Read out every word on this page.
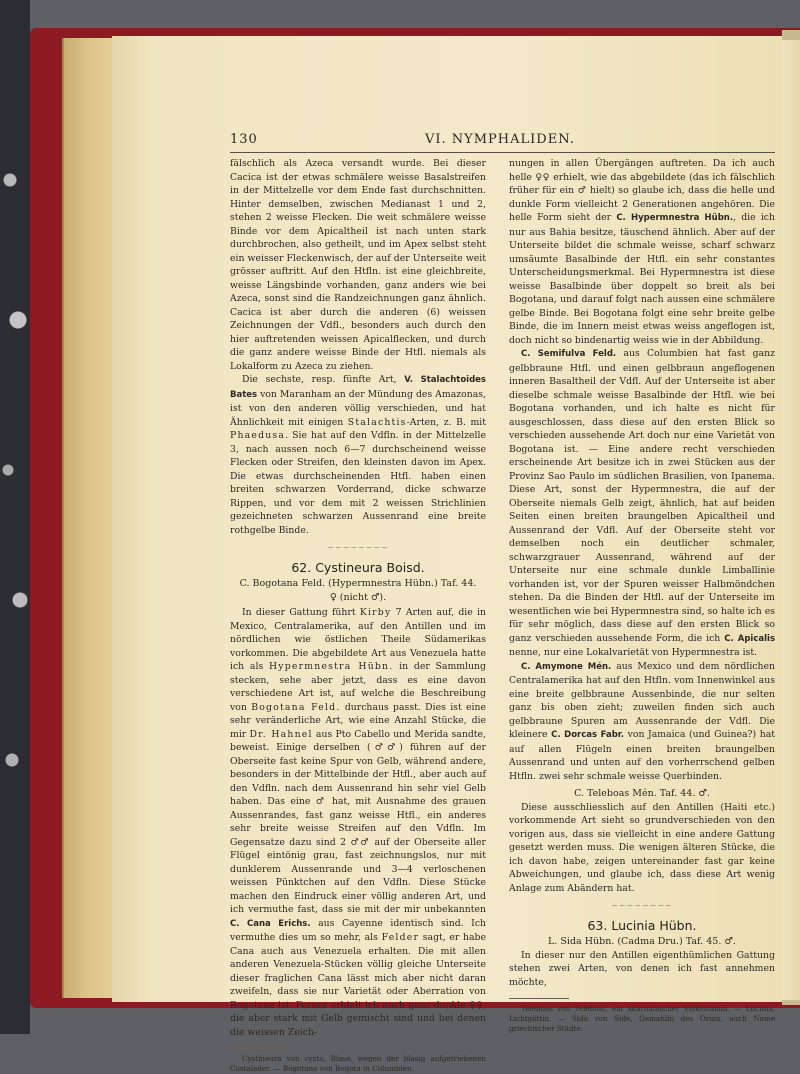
130	VI. NYMPHALIDEN.

fälschlich als Azeca versandt wurde. Bei dieser Cacica ist der etwas schmälere weisse Basalstreifen in der Mittelzelle vor dem Ende fast durchschnitten. Hinter demselben, zwischen Medianast 1 und 2, stehen 2 weisse Flecken. Die weit schmälere weisse Binde vor dem Apicaltheil ist nach unten stark durchbrochen, also getheilt, und im Apex selbst steht ein weisser Fleckenwisch, der auf der Unterseite weit grösser auftritt. Auf den Htfln. ist eine gleichbreite, weisse Längsbinde vorhanden, ganz anders wie bei Azeca, sonst sind die Randzeichnungen ganz ähnlich. Cacica ist aber durch die anderen (6) weissen Zeichnungen der Vdfl., besonders auch durch den hier auftretenden weissen Apicalflecken, und durch die ganz andere weisse Binde der Htfl. niemals als Lokalform zu Azeca zu ziehen.

Die sechste, resp. fünfte Art, V. Stalachtoides Bates von Maranham an der Mündung des Amazonas, ist von den anderen völlig verschieden, und hat Ähnlichkeit mit einigen Stalachtis-Arten, z. B. mit Phaedusa. Sie hat auf den Vdfln. in der Mittelzelle 3, nach aussen noch 6—7 durchscheinend weisse Flecken oder Streifen, den kleinsten davon im Apex. Die etwas durchscheinenden Htfl. haben einen breiten schwarzen Vorderrand, dicke schwarze Rippen, und vor dem mit 2 weissen Strichlinien gezeichneten schwarzen Aussenrand eine breite rothgelbe Binde.

~~~~~~~~
62. Cystineura Boisd.
C. Bogotana Feld. (Hypermnestra Hübn.) Taf. 44.
♀ (nicht ♂).

In dieser Gattung führt Kirby 7 Arten auf, die in Mexico, Centralamerika, auf den Antillen und im nördlichen wie östlichen Theile Südamerikas vorkommen. Die abgebildete Art aus Venezuela hatte ich als Hypermnestra Hübn. in der Sammlung stecken, sehe aber jetzt, dass es eine davon verschiedene Art ist, auf welche die Beschreibung von Bogotana Feld. durchaus passt. Dies ist eine sehr veränderliche Art, wie eine Anzahl Stücke, die mir Dr. Hahnel aus Pto Cabello und Merida sandte, beweist. Einige derselben (♂♂) führen auf der Oberseite fast keine Spur von Gelb, während andere, besonders in der Mittelbinde der Htfl., aber auch auf den Vdfln. nach dem Aussenrand hin sehr viel Gelb haben. Das eine ♂ hat, mit Ausnahme des grauen Aussenrandes, fast ganz weisse Htfl., ein anderes sehr breite weisse Streifen auf den Vdfln. Im Gegensatze dazu sind 2 ♂♂ auf der Oberseite aller Flügel eintönig grau, fast zeichnungslos, nur mit dunklerem Aussenrande und 3—4 verloschenen weissen Pünktchen auf den Vdfln. Diese Stücke machen den Eindruck einer völlig anderen Art, und ich vermuthe fast, dass sie mit der mir unbekannten C. Cana Erichs. aus Cayenne identisch sind. Ich vermuthe dies um so mehr, als Felder sagt, er habe Cana auch aus Venezuela erhalten. Die mit allen anderen Venezuela-Stücken völlig gleiche Unterseite dieser fraglichen Cana lässt mich aber nicht daran zweifeln, dass sie nur Varietät oder Aberration von Bogotana ist. Ferner erhielt ich auch ganz dunkle ♀♀, die aber stark mit Gelb gemischt sind und bei denen die weissen Zeich-

Cystineura von cysta, Blase, wegen der blasig aufgetriebenen Costalader. — Bogotana von Bogota in Columbien.

nungen in allen Übergängen auftreten. Da ich auch helle ♀♀ erhielt, wie das abgebildete (das ich fälschlich früher für ein ♂ hielt) so glaube ich, dass die helle und dunkle Form vielleicht 2 Generationen angehören. Die helle Form sieht der C. Hypermnestra Hübn., die ich nur aus Bahia besitze, täuschend ähnlich. Aber auf der Unterseite bildet die schmale weisse, scharf schwarz umsäumte Basalbinde der Htfl. ein sehr constantes Unterscheidungsmerkmal. Bei Hypermnestra ist diese weisse Basalbinde über doppelt so breit als bei Bogotana, und darauf folgt nach aussen eine schmälere gelbe Binde. Bei Bogotana folgt eine sehr breite gelbe Binde, die im Innern meist etwas weiss angeflogen ist, doch nicht so bindenartig weiss wie in der Abbildung.

C. Semifulva Feld. aus Columbien hat fast ganz gelbbraune Htfl. und einen gelbbraun angeflogenen inneren Basaltheil der Vdfl. Auf der Unterseite ist aber dieselbe schmale weisse Basalbinde der Htfl. wie bei Bogotana vorhanden, und ich halte es nicht für ausgeschlossen, dass diese auf den ersten Blick so verschieden aussehende Art doch nur eine Varietät von Bogotana ist. — Eine andere recht verschieden erscheinende Art besitze ich in zwei Stücken aus der Provinz Sao Paulo im südlichen Brasilien, von Ipanema. Diese Art, sonst der Hypermnestra, die auf der Oberseite niemals Gelb zeigt, ähnlich, hat auf beiden Seiten einen breiten braungelben Apicaltheil und Aussenrand der Vdfl. Auf der Oberseite steht vor demselben noch ein deutlicher schmaler, schwarzgrauer Aussenrand, während auf der Unterseite nur eine schmale dunkle Limballinie vorhanden ist, vor der Spuren weisser Halbmöndchen stehen. Da die Binden der Htfl. auf der Unterseite im wesentlichen wie bei Hypermnestra sind, so halte ich es für sehr möglich, dass diese auf den ersten Blick so ganz verschieden aussehende Form, die ich C. Apicalis nenne, nur eine Lokalvarietät von Hypermnestra ist.

C. Amymone Mén. aus Mexico und dem nördlichen Centralamerika hat auf den Htfln. vom Innenwinkel aus eine breite gelbbraune Aussenbinde, die nur selten ganz bis oben zieht; zuweilen finden sich auch gelbbraune Spuren am Aussenrande der Vdfl. Die kleinere C. Dorcas Fabr. von Jamaica (und Guinea?) hat auf allen Flügeln einen breiten braungelben Aussenrand und unten auf den vorherrschend gelben Htfln. zwei sehr schmale weisse Querbinden.

C. Teleboas Mén. Taf. 44. ♂.

Diese ausschliesslich auf den Antillen (Haiti etc.) vorkommende Art sieht so grundverschieden von den vorigen aus, dass sie vielleicht in eine andere Gattung gesetzt werden muss. Die wenigen älteren Stücke, die ich davon habe, zeigen untereinander fast gar keine Abweichungen, und glaube ich, dass diese Art wenig Anlage zum Abändern hat.

~~~~~~~~
63. Lucinia Hübn.
L. Sida Hübn. (Cadma Dru.) Taf. 45. ♂.

In dieser nur den Antillen eigenthümlichen Gattung stehen zwei Arten, von denen ich fast annehmen möchte,

Teleboas von Teleboai, ein akarnanischer Volksstamm. — Lucinia, Lichtgöttin. — Sida von Side, Gemahlin des Orion, auch Name griechischer Städte.
